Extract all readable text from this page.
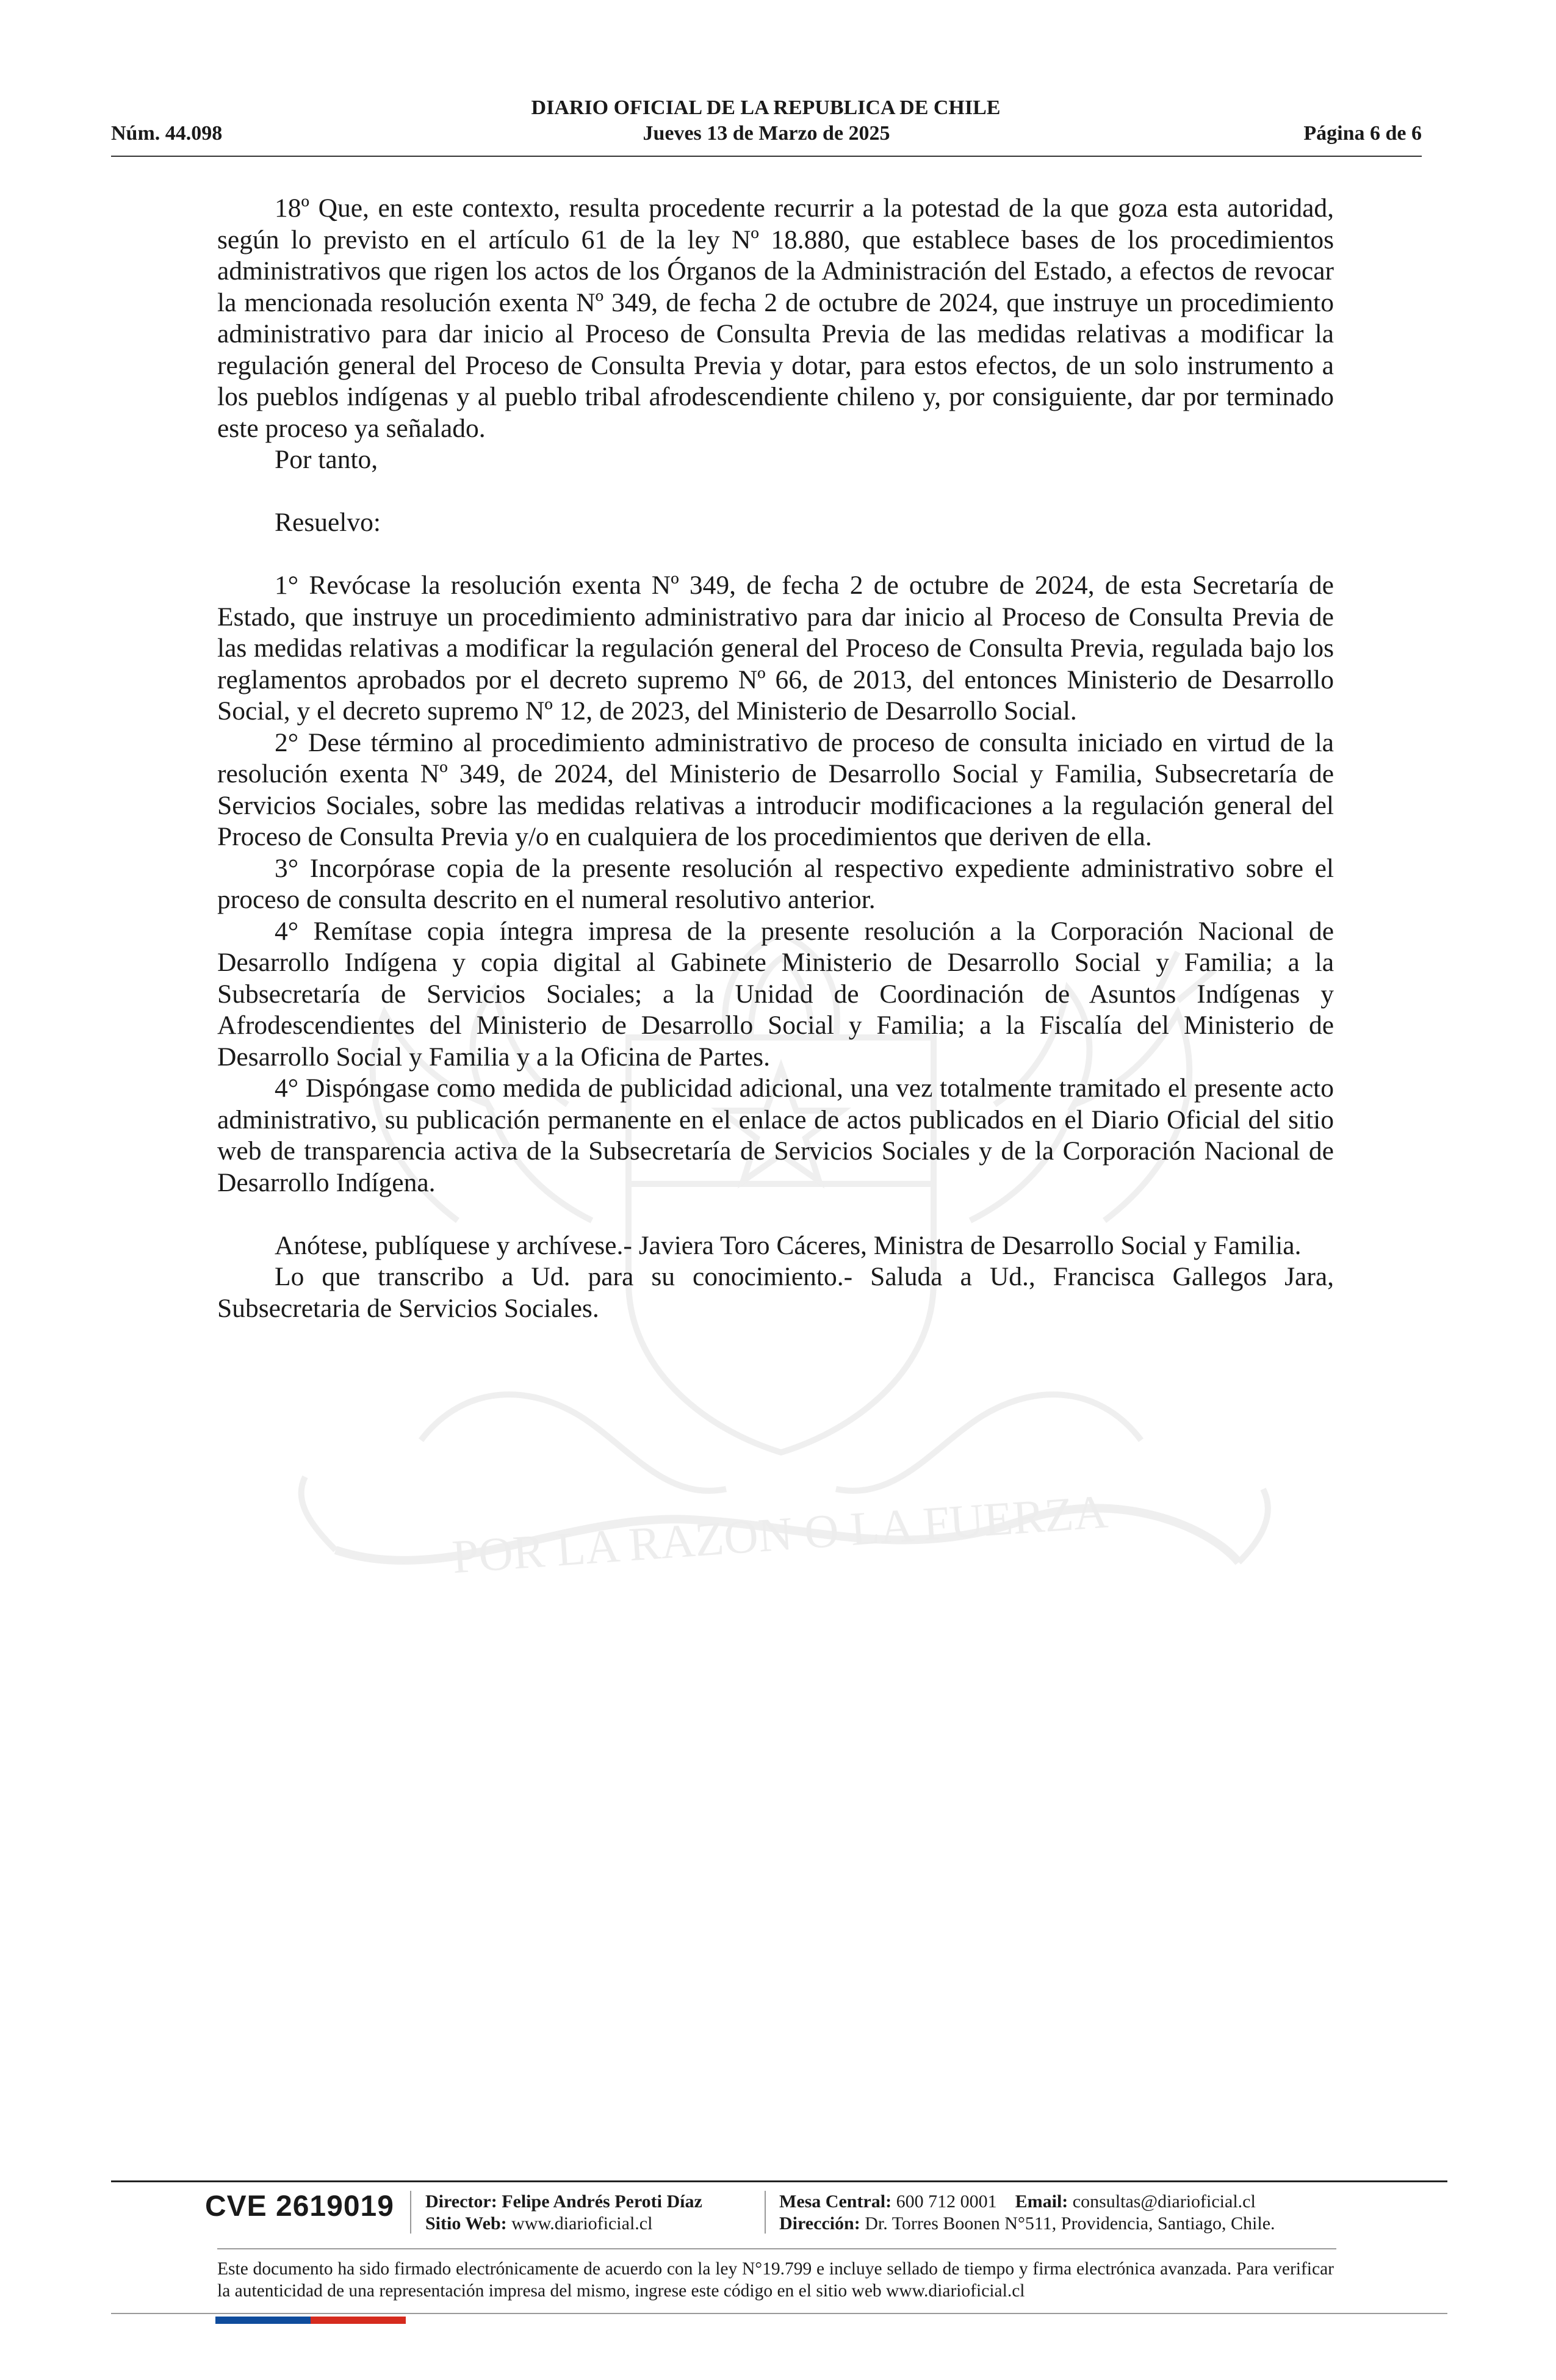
POR LA RAZON O LA FUERZA
DIARIO OFICIAL DE LA REPUBLICA DE CHILE
Jueves 13 de Marzo de 2025
Núm. 44.098	Página 6 de 6

18º Que, en este contexto, resulta procedente recurrir a la potestad de la que goza esta autoridad, según lo previsto en el artículo 61 de la ley Nº 18.880, que establece bases de los procedimientos administrativos que rigen los actos de los Órganos de la Administración del Estado, a efectos de revocar la mencionada resolución exenta Nº 349, de fecha 2 de octubre de 2024, que instruye un procedimiento administrativo para dar inicio al Proceso de Consulta Previa de las medidas relativas a modificar la regulación general del Proceso de Consulta Previa y dotar, para estos efectos, de un solo instrumento a los pueblos indígenas y al pueblo tribal afrodescendiente chileno y, por consiguiente, dar por terminado este proceso ya señalado.

Por tanto,

Resuelvo:

1° Revócase la resolución exenta Nº 349, de fecha 2 de octubre de 2024, de esta Secretaría de Estado, que instruye un procedimiento administrativo para dar inicio al Proceso de Consulta Previa de las medidas relativas a modificar la regulación general del Proceso de Consulta Previa, regulada bajo los reglamentos aprobados por el decreto supremo Nº 66, de 2013, del entonces Ministerio de Desarrollo Social, y el decreto supremo Nº 12, de 2023, del Ministerio de Desarrollo Social.

2° Dese término al procedimiento administrativo de proceso de consulta iniciado en virtud de la resolución exenta Nº 349, de 2024, del Ministerio de Desarrollo Social y Familia, Subsecretaría de Servicios Sociales, sobre las medidas relativas a introducir modificaciones a la regulación general del Proceso de Consulta Previa y/o en cualquiera de los procedimientos que deriven de ella.

3° Incorpórase copia de la presente resolución al respectivo expediente administrativo sobre el proceso de consulta descrito en el numeral resolutivo anterior.

4° Remítase copia íntegra impresa de la presente resolución a la Corporación Nacional de Desarrollo Indígena y copia digital al Gabinete Ministerio de Desarrollo Social y Familia; a la Subsecretaría de Servicios Sociales; a la Unidad de Coordinación de Asuntos Indígenas y Afrodescendientes del Ministerio de Desarrollo Social y Familia; a la Fiscalía del Ministerio de Desarrollo Social y Familia y a la Oficina de Partes.

4° Dispóngase como medida de publicidad adicional, una vez totalmente tramitado el presente acto administrativo, su publicación permanente en el enlace de actos publicados en el Diario Oficial del sitio web de transparencia activa de la Subsecretaría de Servicios Sociales y de la Corporación Nacional de Desarrollo Indígena.

Anótese, publíquese y archívese.- Javiera Toro Cáceres, Ministra de Desarrollo Social y Familia.

Lo que transcribo a Ud. para su conocimiento.- Saluda a Ud., Francisca Gallegos Jara, Subsecretaria de Servicios Sociales.

CVE 2619019 Director: Felipe Andrés Peroti Díaz
Sitio Web: www.diarioficial.cl
Mesa Central: 600 712 0001 Email: consultas@diarioficial.cl
Dirección: Dr. Torres Boonen N°511, Providencia, Santiago, Chile.
Este documento ha sido firmado electrónicamente de acuerdo con la ley N°19.799 e incluye sellado de tiempo y firma electrónica avanzada. Para verificar la autenticidad de una representación impresa del mismo, ingrese este código en el sitio web www.diarioficial.cl
